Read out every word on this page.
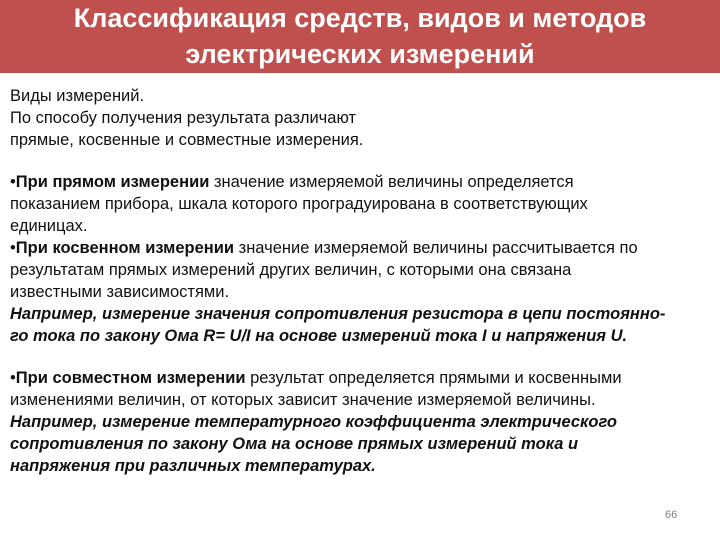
Классификация средств, видов и методов
электрических измерений
Виды измерений.
По способу получения результата различают
прямые, косвенные и совместные измерения.
•При прямом измерении значение измеряемой величины определяется
показанием прибора, шкала которого проградуирована в соответствующих
единицах.
•При косвенном измерении значение измеряемой величины рассчитывается по
результатам прямых измерений других величин, с которыми она связана
известными зависимостями.
Например, измерение значения сопротивления резистора в цепи постоянно-
го тока по закону Ома R= U/I на основе измерений тока I и напряжения U.
•При совместном измерении результат определяется прямыми и косвенными
изменениями величин, от которых зависит значение измеряемой величины.
Например, измерение температурного коэффициента электрического
сопротивления по закону Ома на основе прямых измерений тока и
напряжения при различных температурах.
66
